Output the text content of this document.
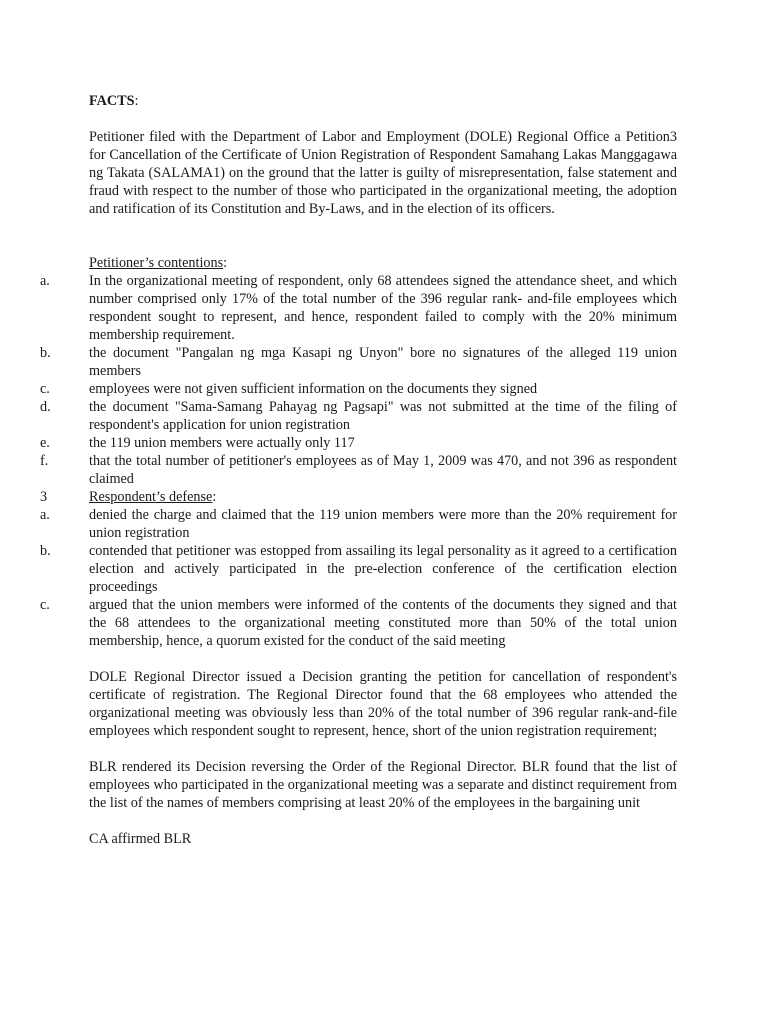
FACTS:

Petitioner filed with the Department of Labor and Employment (DOLE) Regional Office a Petition3 for Cancellation of the Certificate of Union Registration of Respondent Samahang Lakas Manggagawa ng Takata (SALAMA1) on the ground that the latter is guilty of misrepresentation, false statement and fraud with respect to the number of those who participated in the organizational meeting, the adoption and ratification of its Constitution and By-Laws, and in the election of its officers.

Petitioner’s contentions:
a.	In the organizational meeting of respondent, only 68 attendees signed the attendance sheet, and which number comprised only 17% of the total number of the 396 regular rank- and-file employees which respondent sought to represent, and hence, respondent failed to comply with the 20% minimum membership requirement.
b.	the document "Pangalan ng mga Kasapi ng Unyon" bore no signatures of the alleged 119 union members
c.	employees were not given sufficient information on the documents they signed
d.	the document "Sama-Samang Pahayag ng Pagsapi" was not submitted at the time of the filing of respondent's application for union registration
e.	the 119 union members were actually only 117
f.	that the total number of petitioner's employees as of May 1, 2009 was 470, and not 396 as respondent claimed
3	Respondent’s defense:
a.	denied the charge and claimed that the 119 union members were more than the 20% requirement for union registration
b.	contended that petitioner was estopped from assailing its legal personality as it agreed to a certification election and actively participated in the pre-election conference of the certification election proceedings
c.	argued that the union members were informed of the contents of the documents they signed and that the 68 attendees to the organizational meeting constituted more than 50% of the total union membership, hence, a quorum existed for the conduct of the said meeting

DOLE Regional Director issued a Decision granting the petition for cancellation of respondent's certificate of registration. The Regional Director found that the 68 employees who attended the organizational meeting was obviously less than 20% of the total number of 396 regular rank-and-file employees which respondent sought to represent, hence, short of the union registration requirement;

BLR rendered its Decision reversing the Order of the Regional Director. BLR found that the list of employees who participated in the organizational meeting was a separate and distinct requirement from the list of the names of members comprising at least 20% of the employees in the bargaining unit

CA affirmed BLR
